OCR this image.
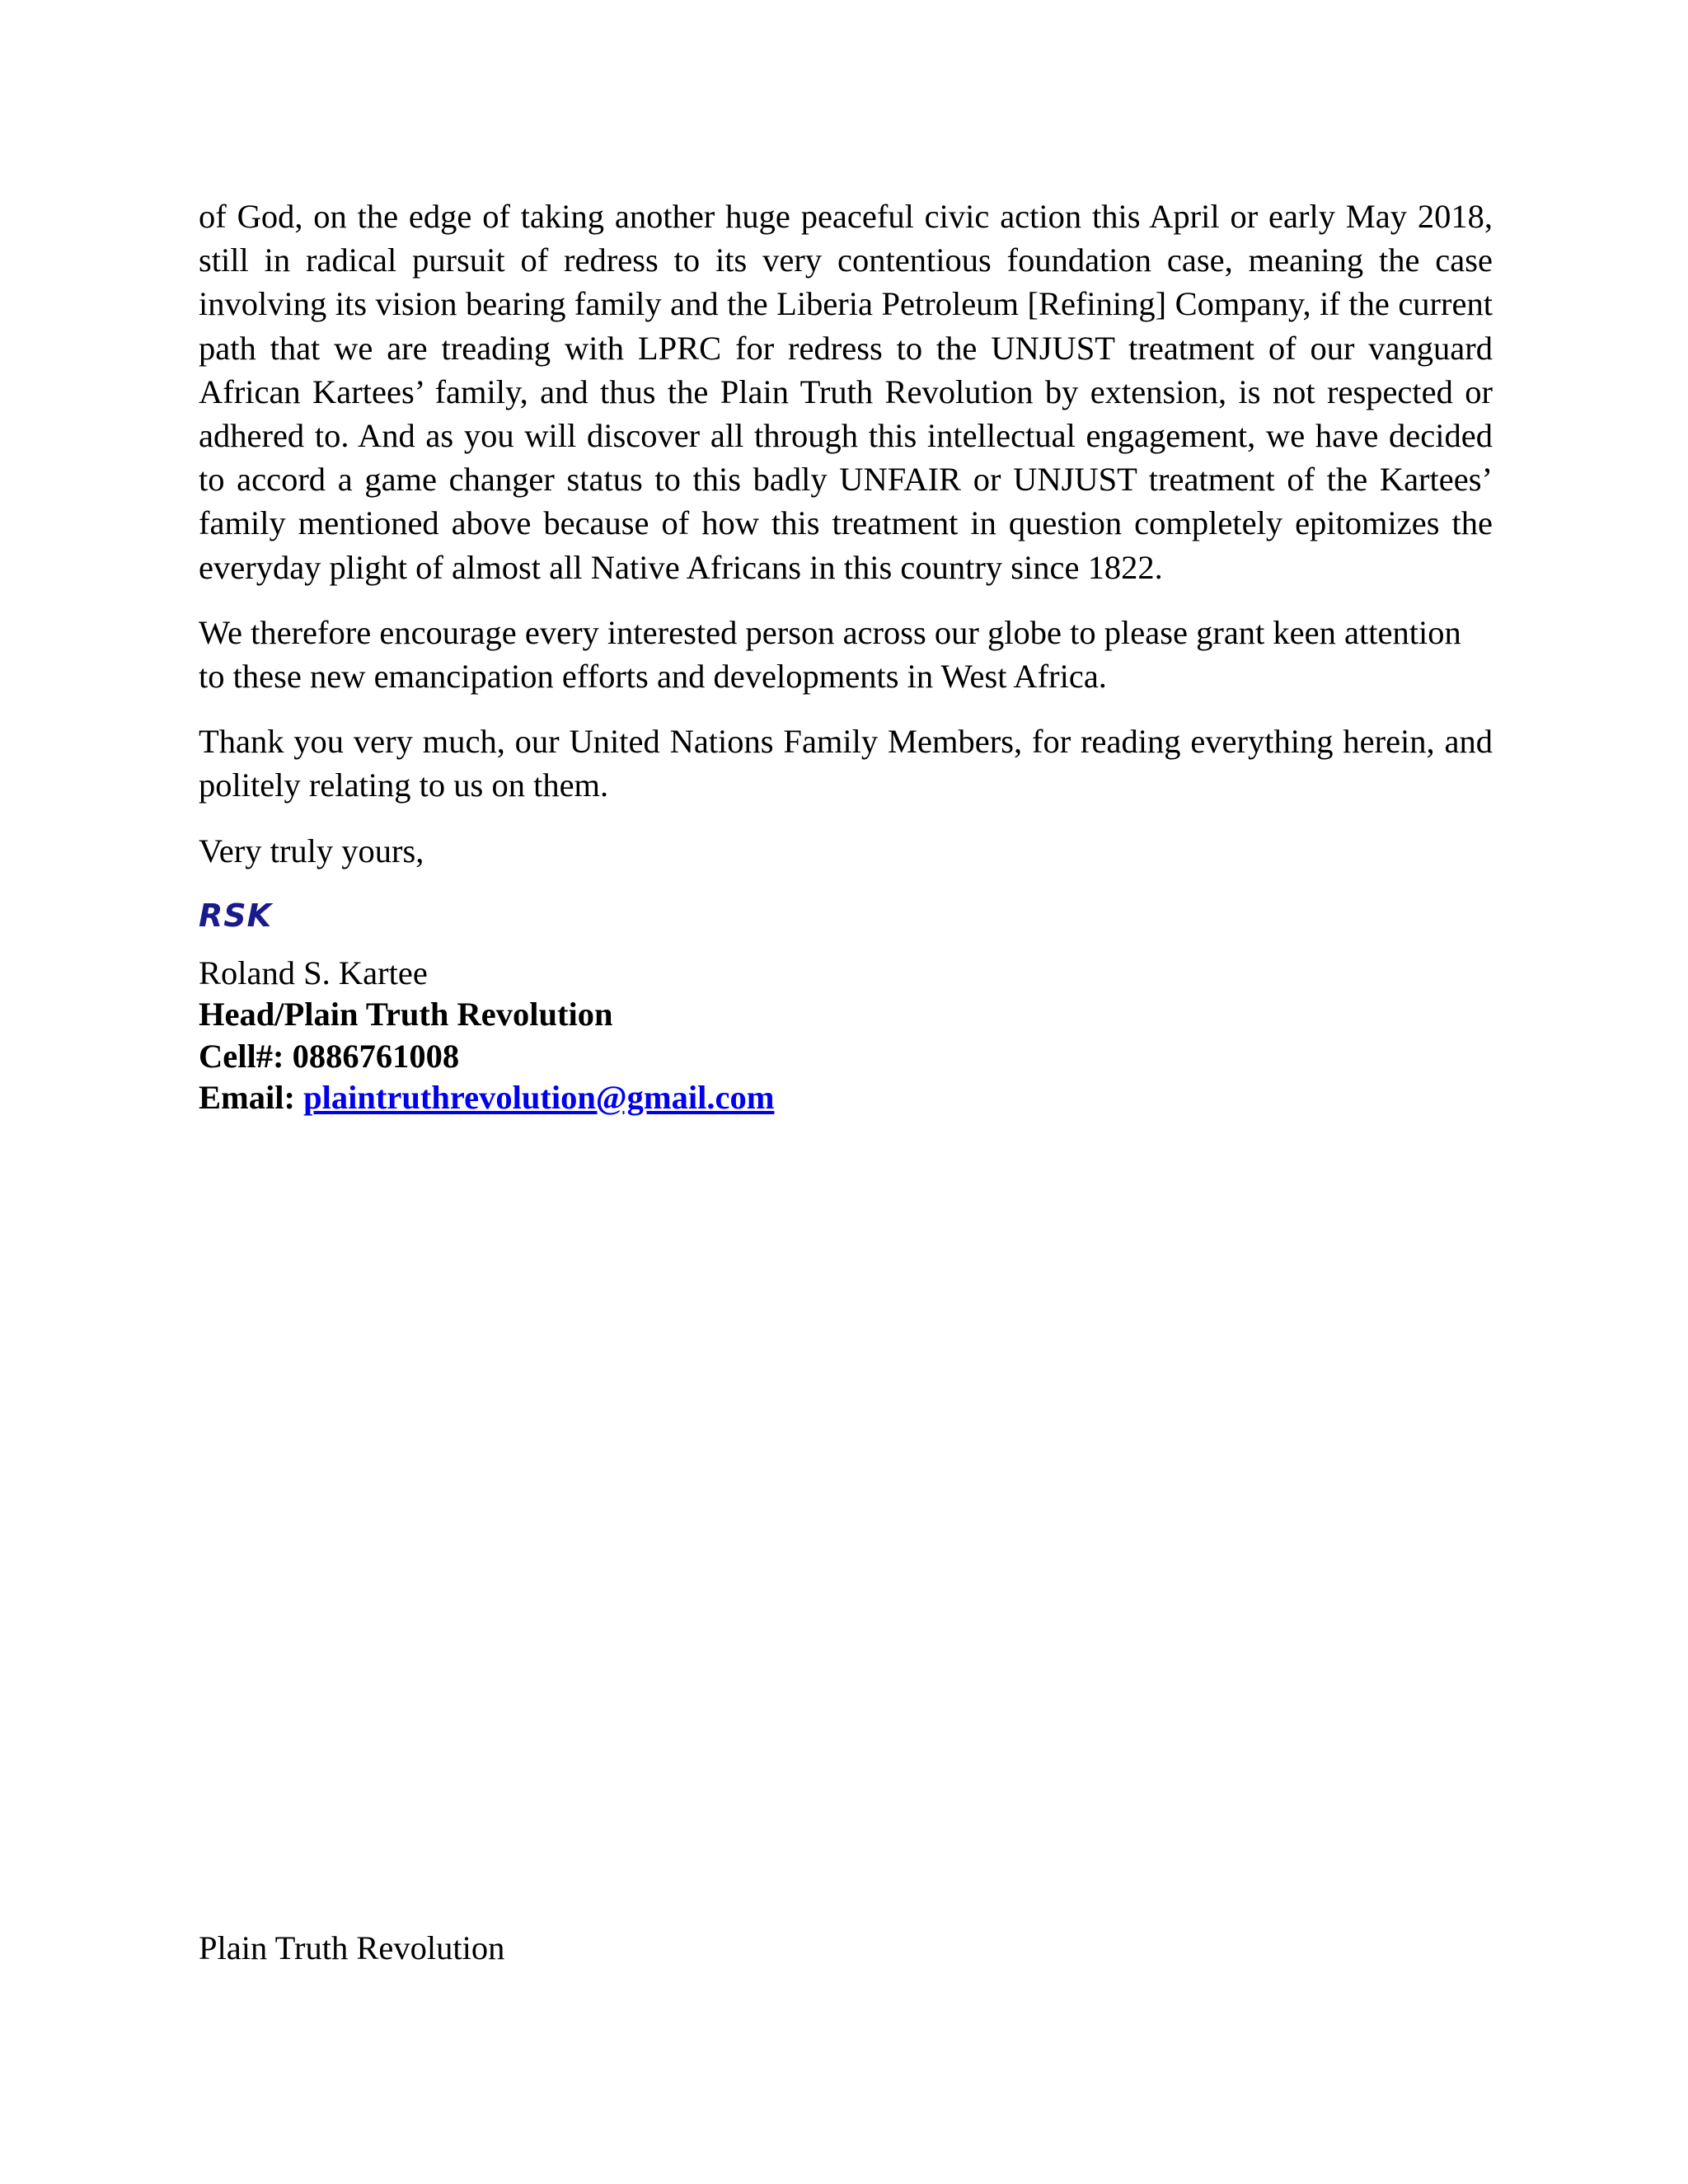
of God, on the edge of taking another huge peaceful civic action this April or early May 2018, still in radical pursuit of redress to its very contentious foundation case, meaning the case involving its vision bearing family and the Liberia Petroleum [Refining] Company, if the current path that we are treading with LPRC for redress to the UNJUST treatment of our vanguard African Kartees’ family, and thus the Plain Truth Revolution by extension, is not respected or adhered to. And as you will discover all through this intellectual engagement, we have decided to accord a game changer status to this badly UNFAIR or UNJUST treatment of the Kartees’ family mentioned above because of how this treatment in question completely epitomizes the everyday plight of almost all Native Africans in this country since 1822.

We therefore encourage every interested person across our globe to please grant keen attention to these new emancipation efforts and developments in West Africa.

Thank you very much, our United Nations Family Members, for reading everything herein, and politely relating to us on them.

Very truly yours,

RSK
Roland S. Kartee
Head/Plain Truth Revolution
Cell#: 0886761008
Email: plaintruthrevolution@gmail.com
Plain Truth Revolution
